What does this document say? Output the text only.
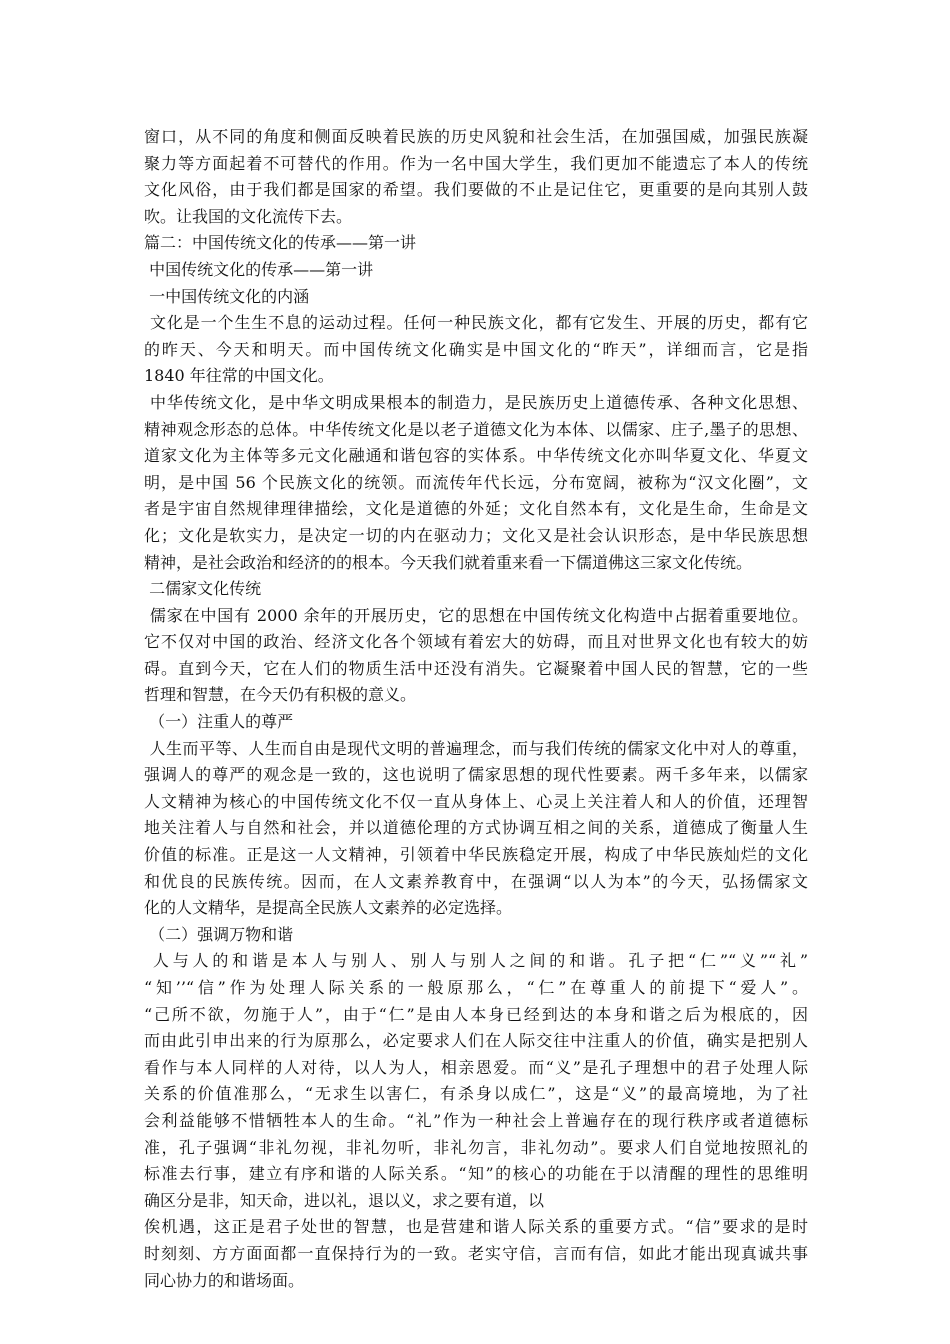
窗口，从不同的角度和侧面反映着民族的历史风貌和社会生活，在加强国威，加强民族凝
聚力等方面起着不可替代的作用。作为一名中国大学生，我们更加不能遗忘了本人的传统
文化风俗，由于我们都是国家的希望。我们要做的不止是记住它，更重要的是向其别人鼓
吹。让我国的文化流传下去。
篇二：中国传统文化的传承——第一讲
中国传统文化的传承——第一讲
一中国传统文化的内涵
文化是一个生生不息的运动过程。任何一种民族文化，都有它发生、开展的历史，都有它
的昨天、今天和明天。而中国传统文化确实是中国文化的“昨天”，详细而言，它是指
1840 年往常的中国文化。
中华传统文化，是中华文明成果根本的制造力，是民族历史上道德传承、各种文化思想、
精神观念形态的总体。中华传统文化是以老子道德文化为本体、以儒家、庄子,墨子的思想、
道家文化为主体等多元文化融通和谐包容的实体系。中华传统文化亦叫华夏文化、华夏文
明，是中国 56 个民族文化的统领。而流传年代长远，分布宽阔，被称为“汉文化圈”，文
者是宇宙自然规律理律描绘，文化是道德的外延；文化自然本有，文化是生命，生命是文
化；文化是软实力，是决定一切的内在驱动力；文化又是社会认识形态，是中华民族思想
精神，是社会政治和经济的的根本。今天我们就着重来看一下儒道佛这三家文化传统。
二儒家文化传统
儒家在中国有 2000 余年的开展历史，它的思想在中国传统文化构造中占据着重要地位。
它不仅对中国的政治、经济文化各个领域有着宏大的妨碍，而且对世界文化也有较大的妨
碍。直到今天，它在人们的物质生活中还没有消失。它凝聚着中国人民的智慧，它的一些
哲理和智慧，在今天仍有积极的意义。
（一）注重人的尊严
人生而平等、人生而自由是现代文明的普遍理念，而与我们传统的儒家文化中对人的尊重，
强调人的尊严的观念是一致的，这也说明了儒家思想的现代性要素。两千多年来，以儒家
人文精神为核心的中国传统文化不仅一直从身体上、心灵上关注着人和人的价值，还理智
地关注着人与自然和社会，并以道德伦理的方式协调互相之间的关系，道德成了衡量人生
价值的标准。正是这一人文精神，引领着中华民族稳定开展，构成了中华民族灿烂的文化
和优良的民族传统。因而，在人文素养教育中，在强调“以人为本”的今天，弘扬儒家文
化的人文精华，是提高全民族人文素养的必定选择。
（二）强调万物和谐
人与人的和谐是本人与别人、别人与别人之间的和谐。孔子把“仁”“义”“礼”
“知’’“信”作为处理人际关系的一般原那么，“仁”在尊重人的前提下“爱人”。
“己所不欲，勿施于人”，由于“仁”是由人本身已经到达的本身和谐之后为根底的，因
而由此引申出来的行为原那么，必定要求人们在人际交往中注重人的价值，确实是把别人
看作与本人同样的人对待，以人为人，相亲恩爱。而“义”是孔子理想中的君子处理人际
关系的价值准那么，“无求生以害仁，有杀身以成仁”，这是“义”的最高境地，为了社
会利益能够不惜牺牲本人的生命。“礼”作为一种社会上普遍存在的现行秩序或者道德标
准，孔子强调“非礼勿视，非礼勿听，非礼勿言，非礼勿动”。要求人们自觉地按照礼的
标准去行事，建立有序和谐的人际关系。“知”的核心的功能在于以清醒的理性的思维明
确区分是非，知天命，进以礼，退以义，求之要有道，以
俟机遇，这正是君子处世的智慧，也是营建和谐人际关系的重要方式。“信”要求的是时
时刻刻、方方面面都一直保持行为的一致。老实守信，言而有信，如此才能出现真诚共事
同心协力的和谐场面。
